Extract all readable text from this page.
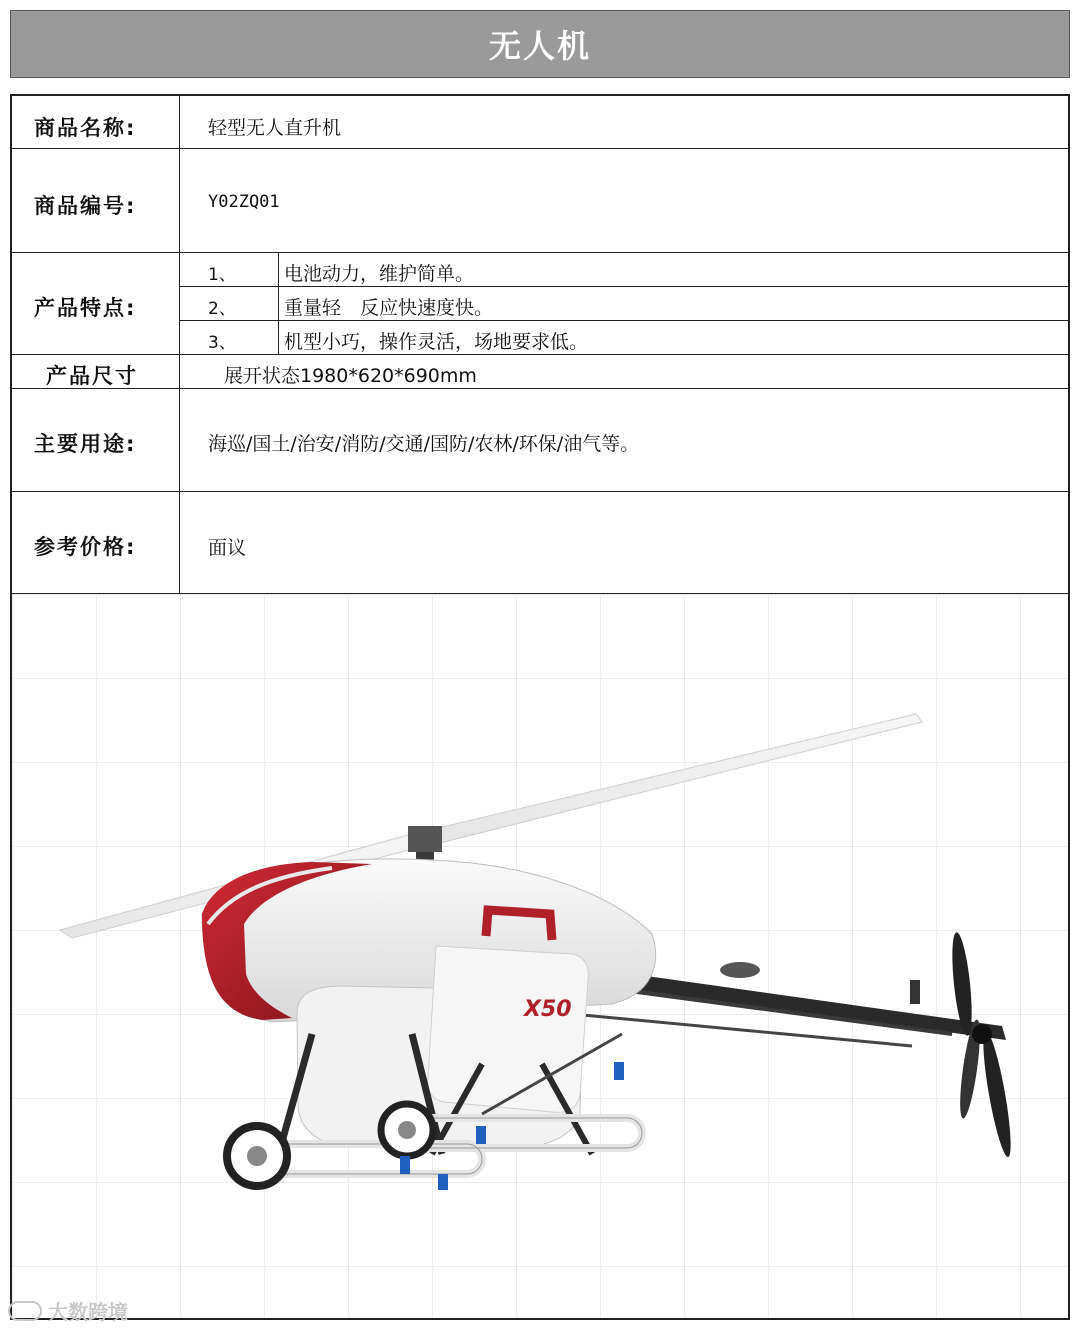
无人机
商品名称:	轻型无人直升机
商品编号:	Y02ZQ01
产品特点:
1、	电池动力，维护简单。
2、	重量轻　反应快速度快。
3、	机型小巧，操作灵活，场地要求低。
产品尺寸	展开状态1980*620*690mm
主要用途:	海巡/国土/治安/消防/交通/国防/农林/环保/油气等。
参考价格:	面议
X50
大数跨境
